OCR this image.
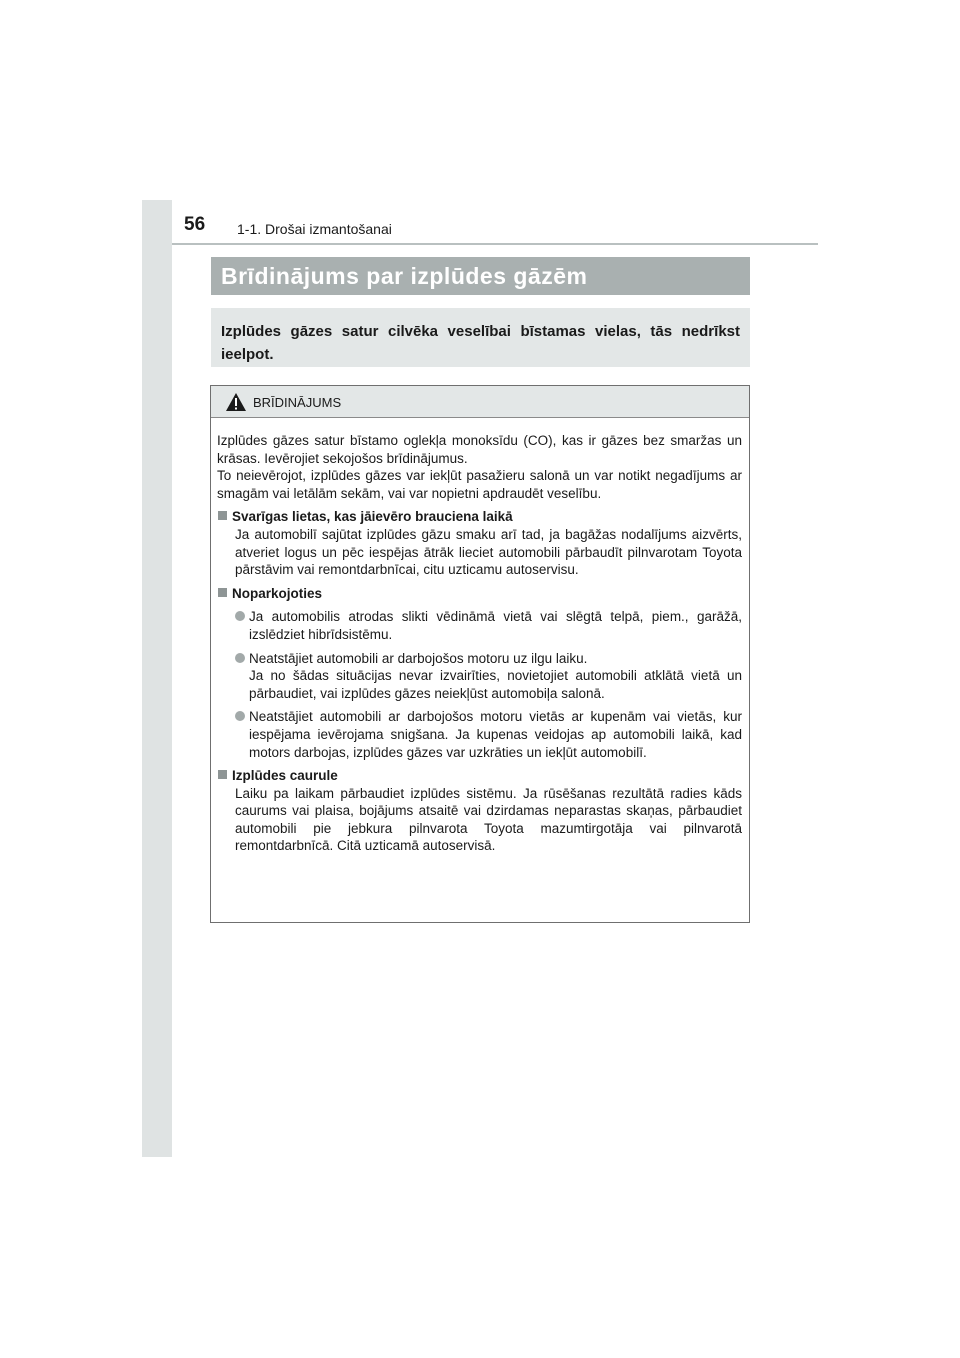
56 1-1. Drošai izmantošanai
Brīdinājums par izplūdes gāzēm
Izplūdes gāzes satur cilvēka veselībai bīstamas vielas, tās nedrīkst ieelpot.
BRĪDINĀJUMS

Izplūdes gāzes satur bīstamo oglekļa monoksīdu (CO), kas ir gāzes bez smaržas un krāsas. Ievērojiet sekojošos brīdinājumus.

To neievērojot, izplūdes gāzes var iekļūt pasažieru salonā un var notikt negadījums ar smagām vai letālām sekām, vai var nopietni apdraudēt veselību.

Svarīgas lietas, kas jāievēro brauciena laikā

Ja automobilī sajūtat izplūdes gāzu smaku arī tad, ja bagāžas nodalījums aizvērts, atveriet logus un pēc iespējas ātrāk lieciet automobili pārbaudīt pilnvarotam Toyota pārstāvim vai remontdarbnīcai, citu uzticamu autoservisu.

Noparkojoties
Ja automobilis atrodas slikti vēdināmā vietā vai slēgtā telpā, piem., garāžā, izslēdziet hibrīdsistēmu.
Neatstājiet automobili ar darbojošos motoru uz ilgu laiku.

Ja no šādas situācijas nevar izvairīties, novietojiet automobili atklātā vietā un pārbaudiet, vai izplūdes gāzes neiekļūst automobiļa salonā.
Neatstājiet automobili ar darbojošos motoru vietās ar kupenām vai vietās, kur iespējama ievērojama snigšana. Ja kupenas veidojas ap automobili laikā, kad motors darbojas, izplūdes gāzes var uzkrāties un iekļūt automobilī.
Izplūdes caurule

Laiku pa laikam pārbaudiet izplūdes sistēmu. Ja rūsēšanas rezultātā radies kāds caurums vai plaisa, bojājums atsaitē vai dzirdamas neparastas skaņas, pārbaudiet automobili pie jebkura pilnvarota Toyota mazumtirgotāja vai pilnvarotā remontdarbnīcā. Citā uzticamā autoservisā.
